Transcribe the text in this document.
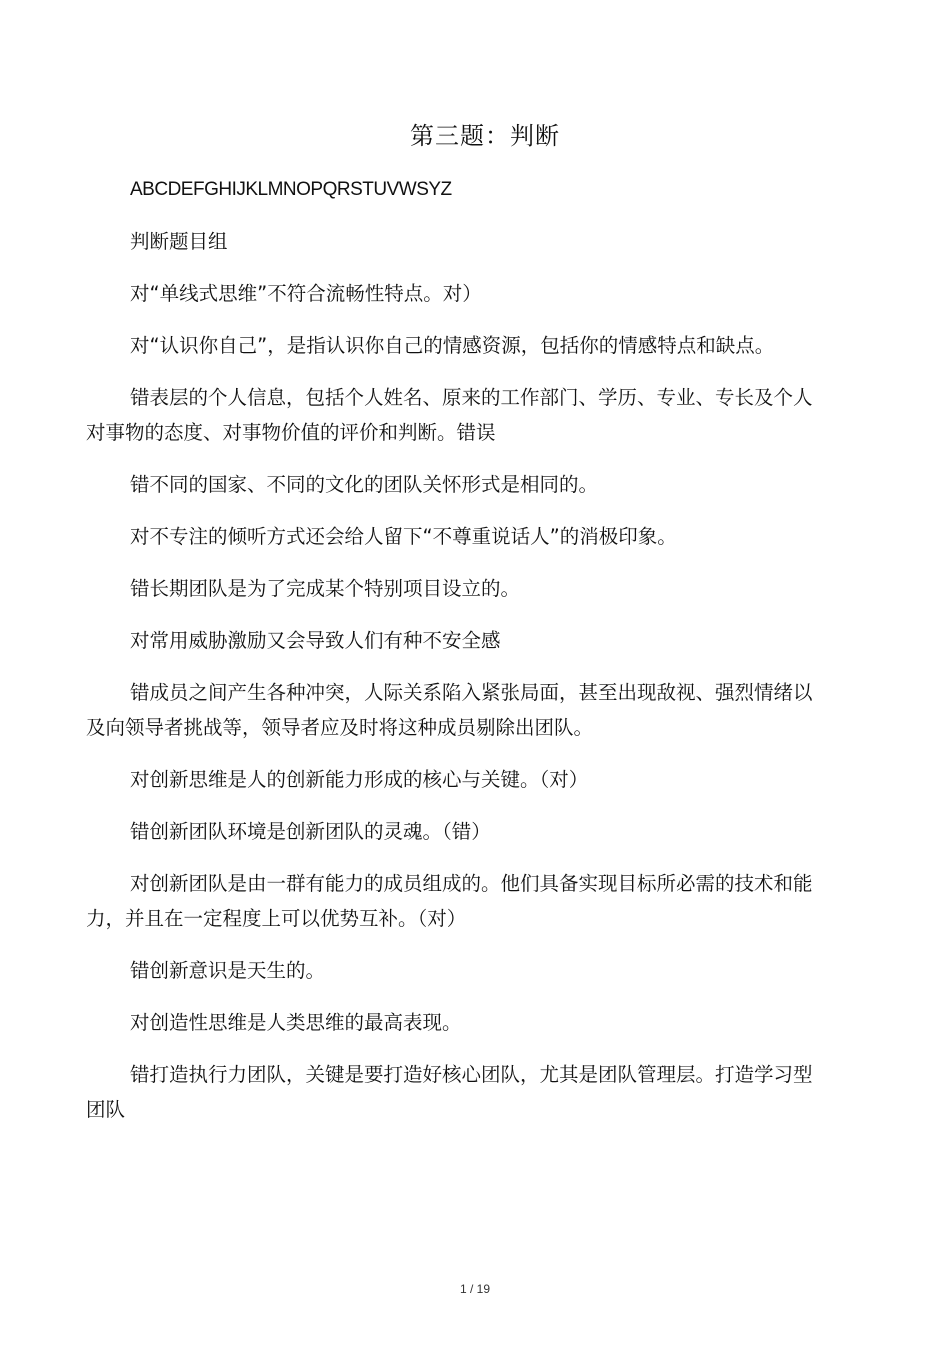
第三题：判断

ABCDEFGHIJKLMNOPQRSTUVWSYZ

判断题目组

对“单线式思维”不符合流畅性特点。对）

对“认识你自己”，是指认识你自己的情感资源，包括你的情感特点和缺点。

错表层的个人信息，包括个人姓名、原来的工作部门、学历、专业、专长及个人对事物的态度、对事物价值的评价和判断。错误

错不同的国家、不同的文化的团队关怀形式是相同的。

对不专注的倾听方式还会给人留下“不尊重说话人”的消极印象。

错长期团队是为了完成某个特别项目设立的。

对常用威胁激励又会导致人们有种不安全感

错成员之间产生各种冲突，人际关系陷入紧张局面，甚至出现敌视、强烈情绪以及向领导者挑战等，领导者应及时将这种成员剔除出团队。

对创新思维是人的创新能力形成的核心与关键。（对）

错创新团队环境是创新团队的灵魂。（错）

对创新团队是由一群有能力的成员组成的。他们具备实现目标所必需的技术和能力，并且在一定程度上可以优势互补。（对）

错创新意识是天生的。

对创造性思维是人类思维的最高表现。

错打造执行力团队，关键是要打造好核心团队，尤其是团队管理层。打造学习型团队

1 / 19
